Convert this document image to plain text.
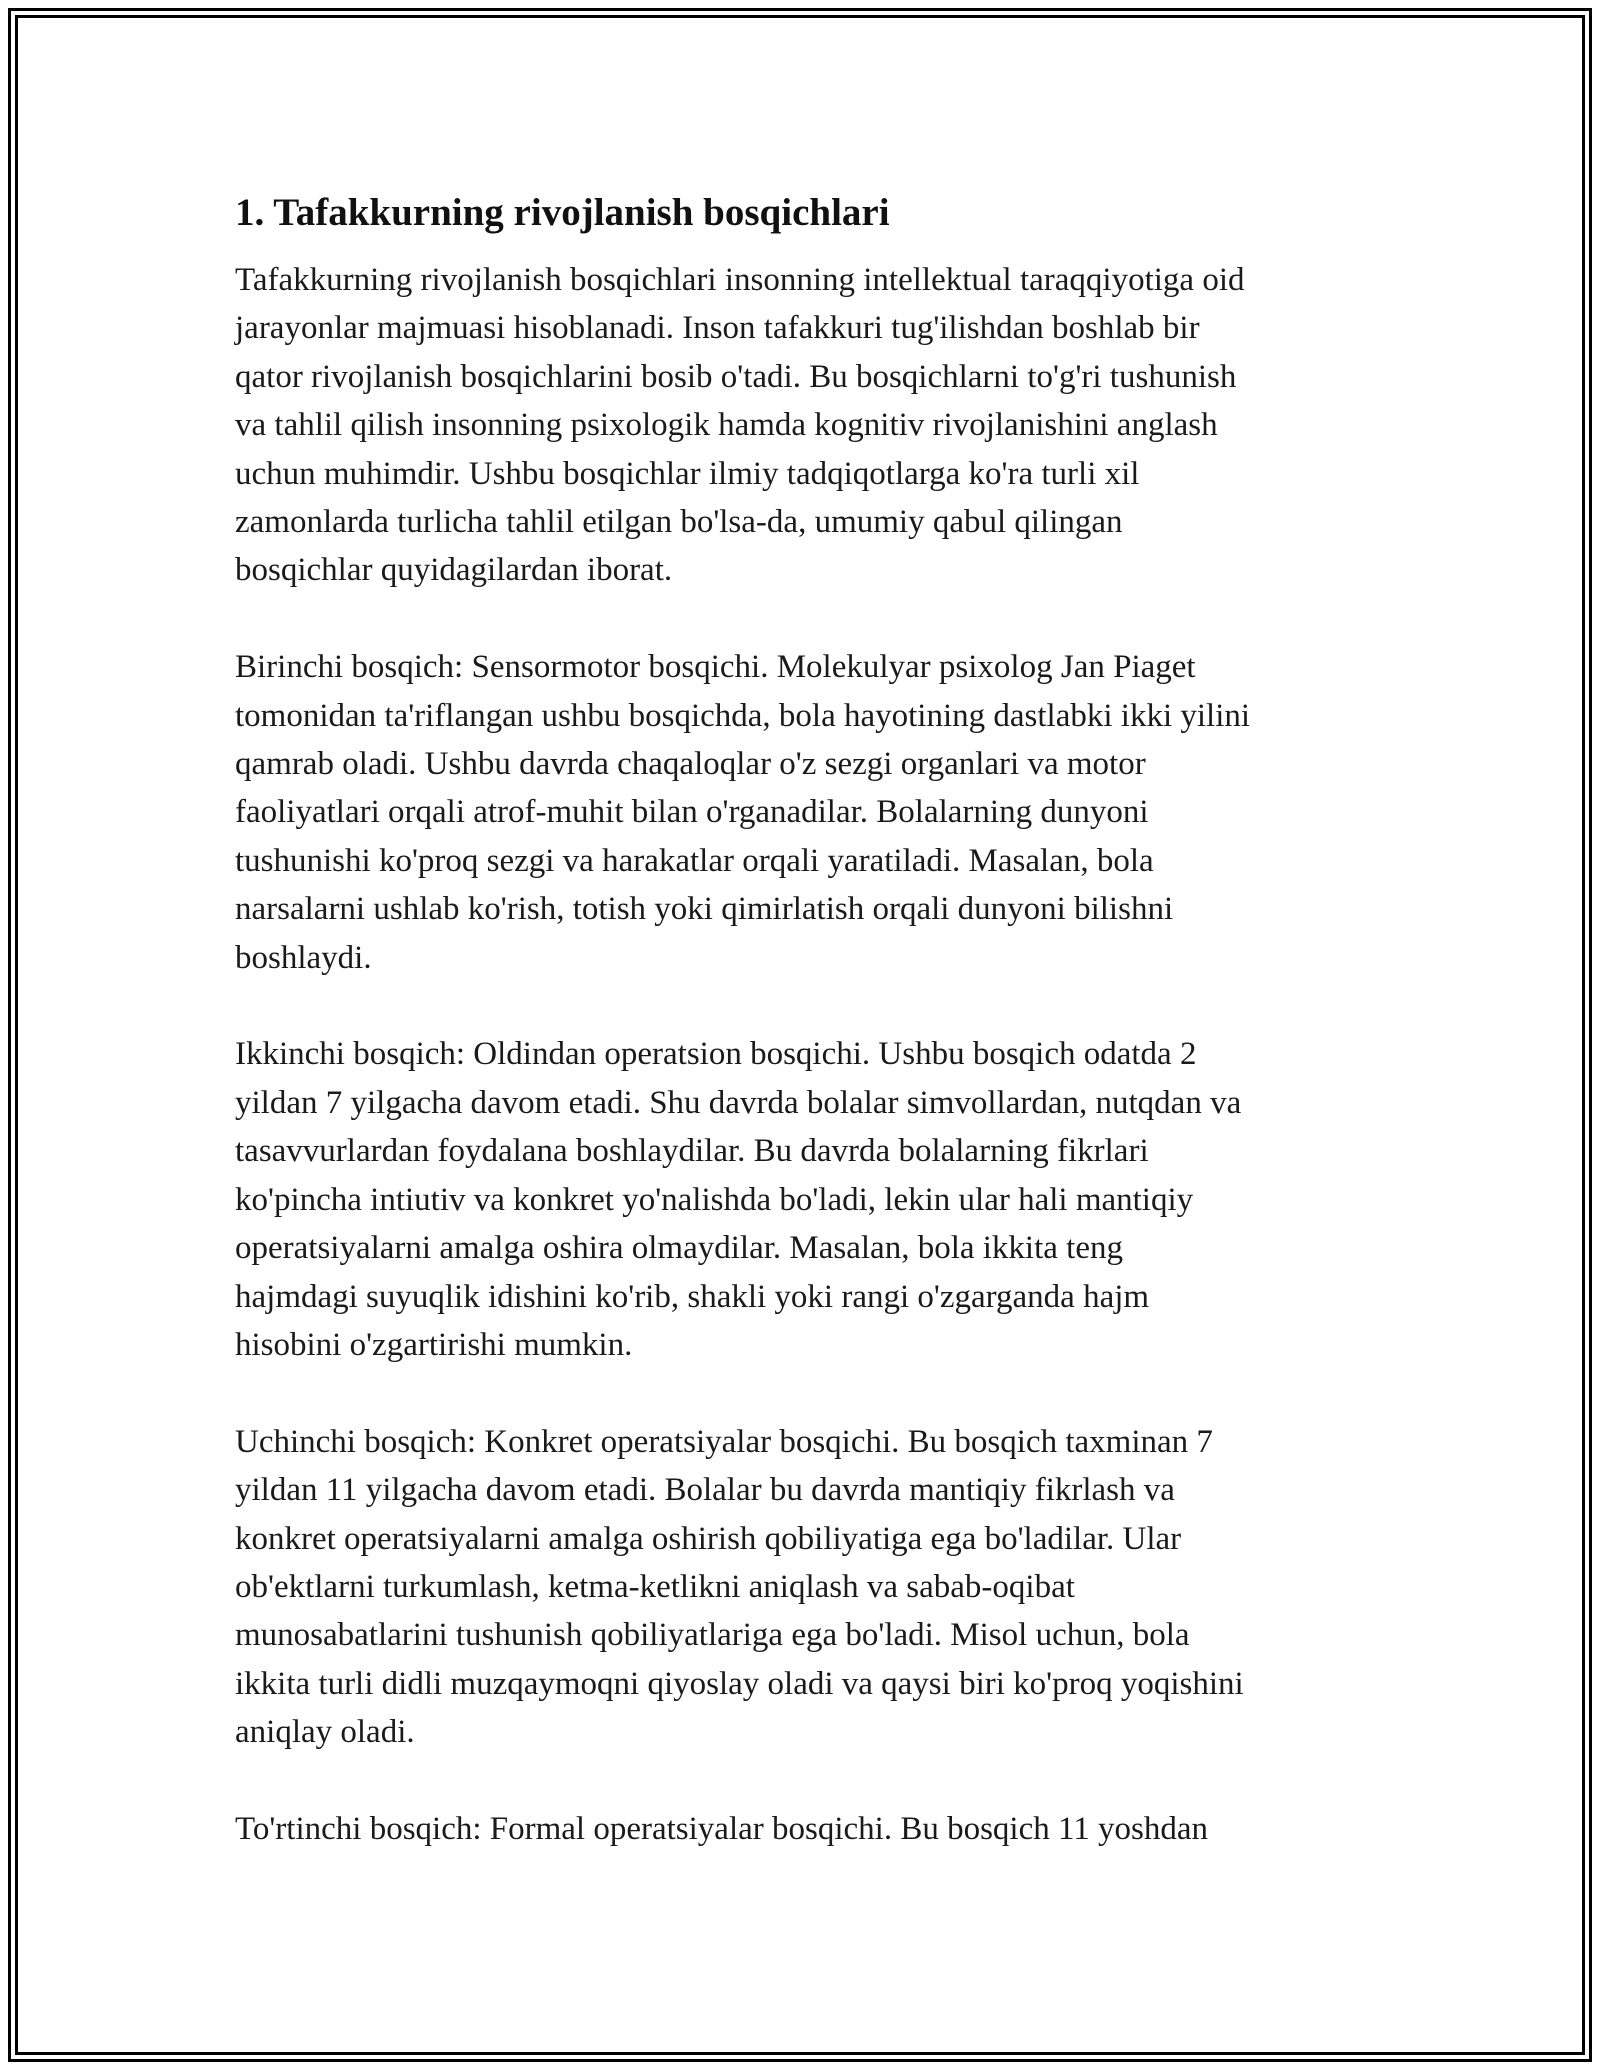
1. Tafakkurning rivojlanish bosqichlari

Tafakkurning rivojlanish bosqichlari insonning intellektual taraqqiyotiga oid
jarayonlar majmuasi hisoblanadi. Inson tafakkuri tug'ilishdan boshlab bir
qator rivojlanish bosqichlarini bosib o'tadi. Bu bosqichlarni to'g'ri tushunish
va tahlil qilish insonning psixologik hamda kognitiv rivojlanishini anglash
uchun muhimdir. Ushbu bosqichlar ilmiy tadqiqotlarga ko'ra turli xil
zamonlarda turlicha tahlil etilgan bo'lsa-da, umumiy qabul qilingan
bosqichlar quyidagilardan iborat.

Birinchi bosqich: Sensormotor bosqichi. Molekulyar psixolog Jan Piaget
tomonidan ta'riflangan ushbu bosqichda, bola hayotining dastlabki ikki yilini
qamrab oladi. Ushbu davrda chaqaloqlar o'z sezgi organlari va motor
faoliyatlari orqali atrof-muhit bilan o'rganadilar. Bolalarning dunyoni
tushunishi ko'proq sezgi va harakatlar orqali yaratiladi. Masalan, bola
narsalarni ushlab ko'rish, totish yoki qimirlatish orqali dunyoni bilishni
boshlaydi.

Ikkinchi bosqich: Oldindan operatsion bosqichi. Ushbu bosqich odatda 2
yildan 7 yilgacha davom etadi. Shu davrda bolalar simvollardan, nutqdan va
tasavvurlardan foydalana boshlaydilar. Bu davrda bolalarning fikrlari
ko'pincha intiutiv va konkret yo'nalishda bo'ladi, lekin ular hali mantiqiy
operatsiyalarni amalga oshira olmaydilar. Masalan, bola ikkita teng
hajmdagi suyuqlik idishini ko'rib, shakli yoki rangi o'zgarganda hajm
hisobini o'zgartirishi mumkin.

Uchinchi bosqich: Konkret operatsiyalar bosqichi. Bu bosqich taxminan 7
yildan 11 yilgacha davom etadi. Bolalar bu davrda mantiqiy fikrlash va
konkret operatsiyalarni amalga oshirish qobiliyatiga ega bo'ladilar. Ular
ob'ektlarni turkumlash, ketma-ketlikni aniqlash va sabab-oqibat
munosabatlarini tushunish qobiliyatlariga ega bo'ladi. Misol uchun, bola
ikkita turli didli muzqaymoqni qiyoslay oladi va qaysi biri ko'proq yoqishini
aniqlay oladi.

To'rtinchi bosqich: Formal operatsiyalar bosqichi. Bu bosqich 11 yoshdan
